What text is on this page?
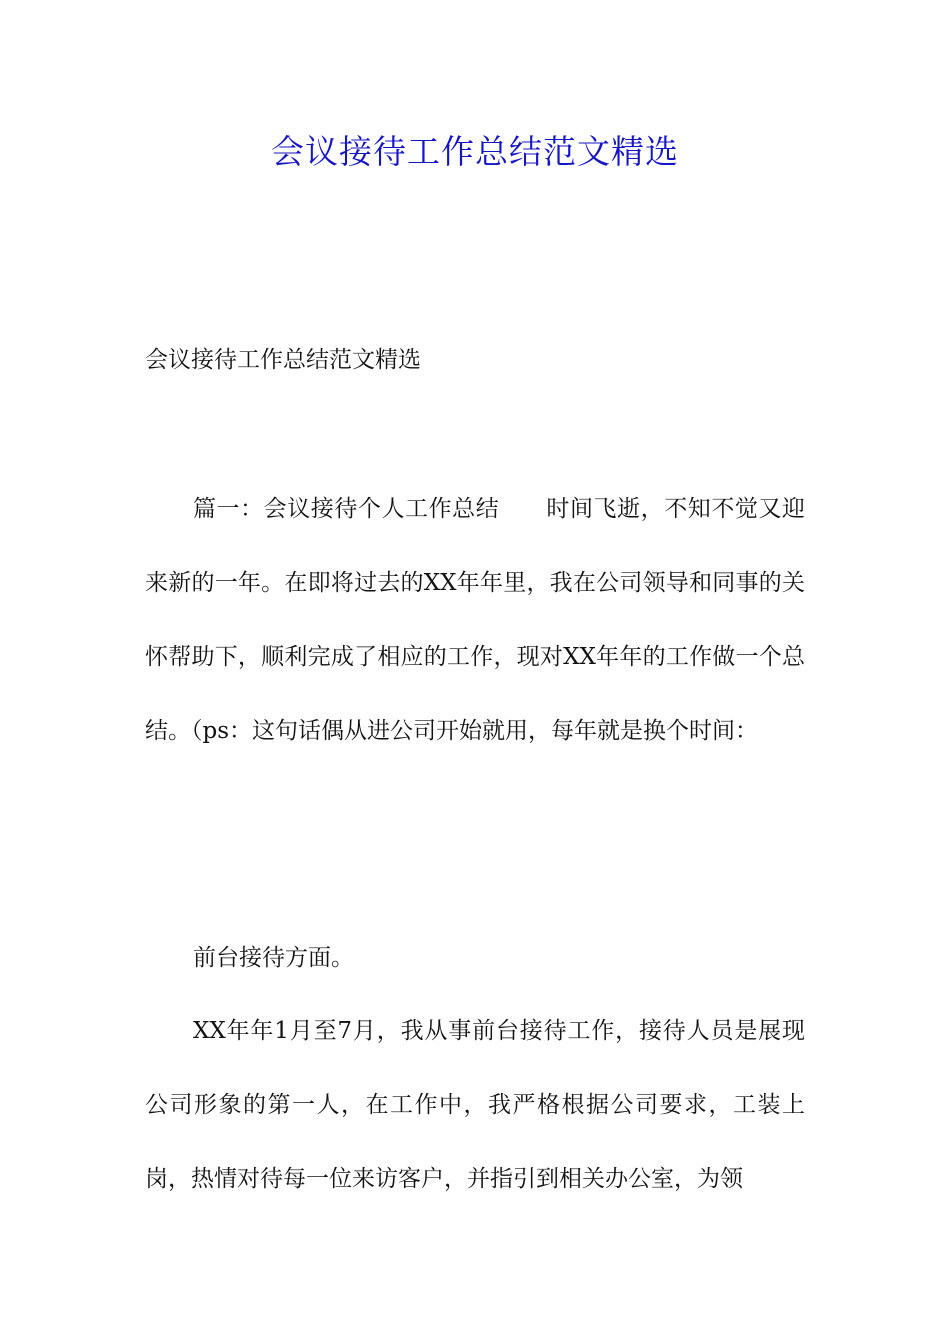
会议接待工作总结范文精选

会议接待工作总结范文精选

篇一：会议接待个人工作总结　　时间飞逝，不知不觉又迎来新的一年。在即将过去的XX年年里，我在公司领导和同事的关怀帮助下，顺利完成了相应的工作，现对XX年年的工作做一个总结。（ps：这句话偶从进公司开始就用，每年就是换个时间：

前台接待方面。

XX年年1月至7月，我从事前台接待工作，接待人员是展现公司形象的第一人，在工作中，我严格根据公司要求，工装上岗，热情对待每一位来访客户，并指引到相关办公室，为领
